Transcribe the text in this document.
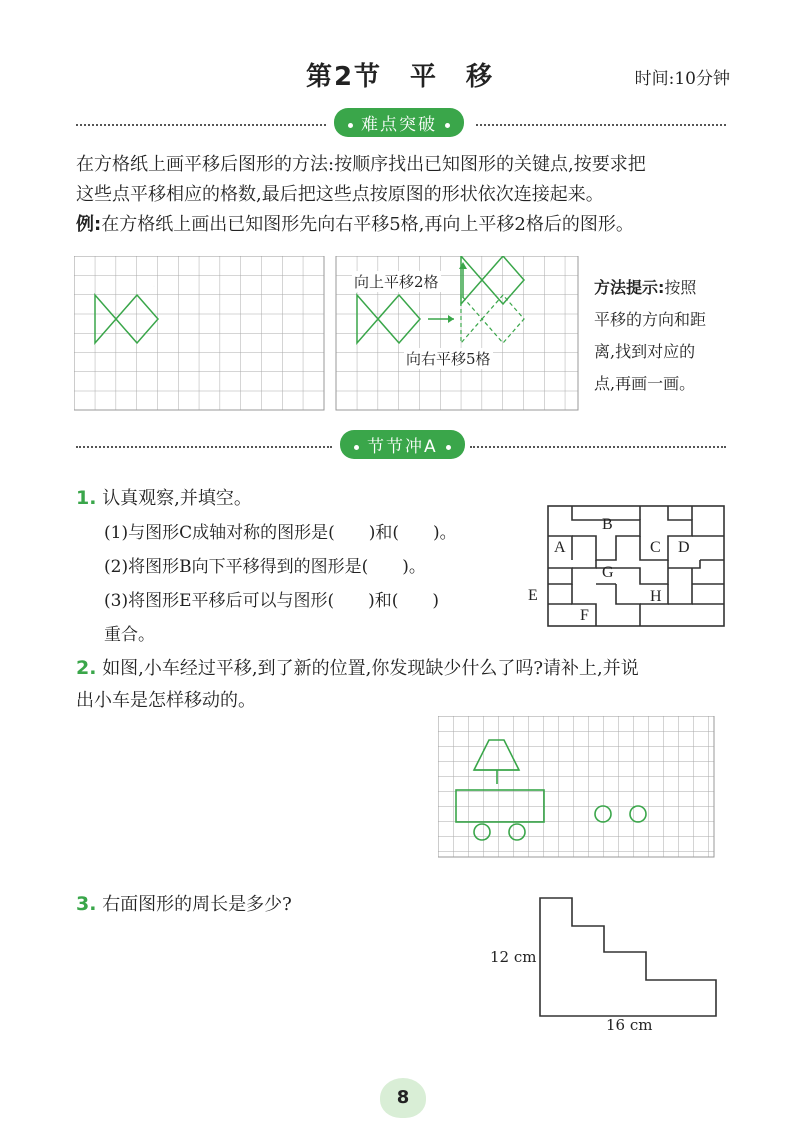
第2节　平　移	时间:10分钟
难点突破
在方格纸上画平移后图形的方法:按顺序找出已知图形的关键点,按要求把
这些点平移相应的格数,最后把这些点按原图的形状依次连接起来。
例:在方格纸上画出已知图形先向右平移5格,再向上平移2格后的图形。
向上平移2格
向右平移5格
方法提示:按照
平移的方向和距
离,找到对应的
点,再画一画。
节节冲A
1. 认真观察,并填空。
(1)与图形C成轴对称的图形是(　　)和(　　)。
(2)将图形B向下平移得到的图形是(　　)。
(3)将图形E平移后可以与图形(　　)和(　　)
重合。
B
A	C D
G
E	H
F
2. 如图,小车经过平移,到了新的位置,你发现缺少什么了吗?请补上,并说
出小车是怎样移动的。
3. 右面图形的周长是多少?
12 cm
16 cm
8
